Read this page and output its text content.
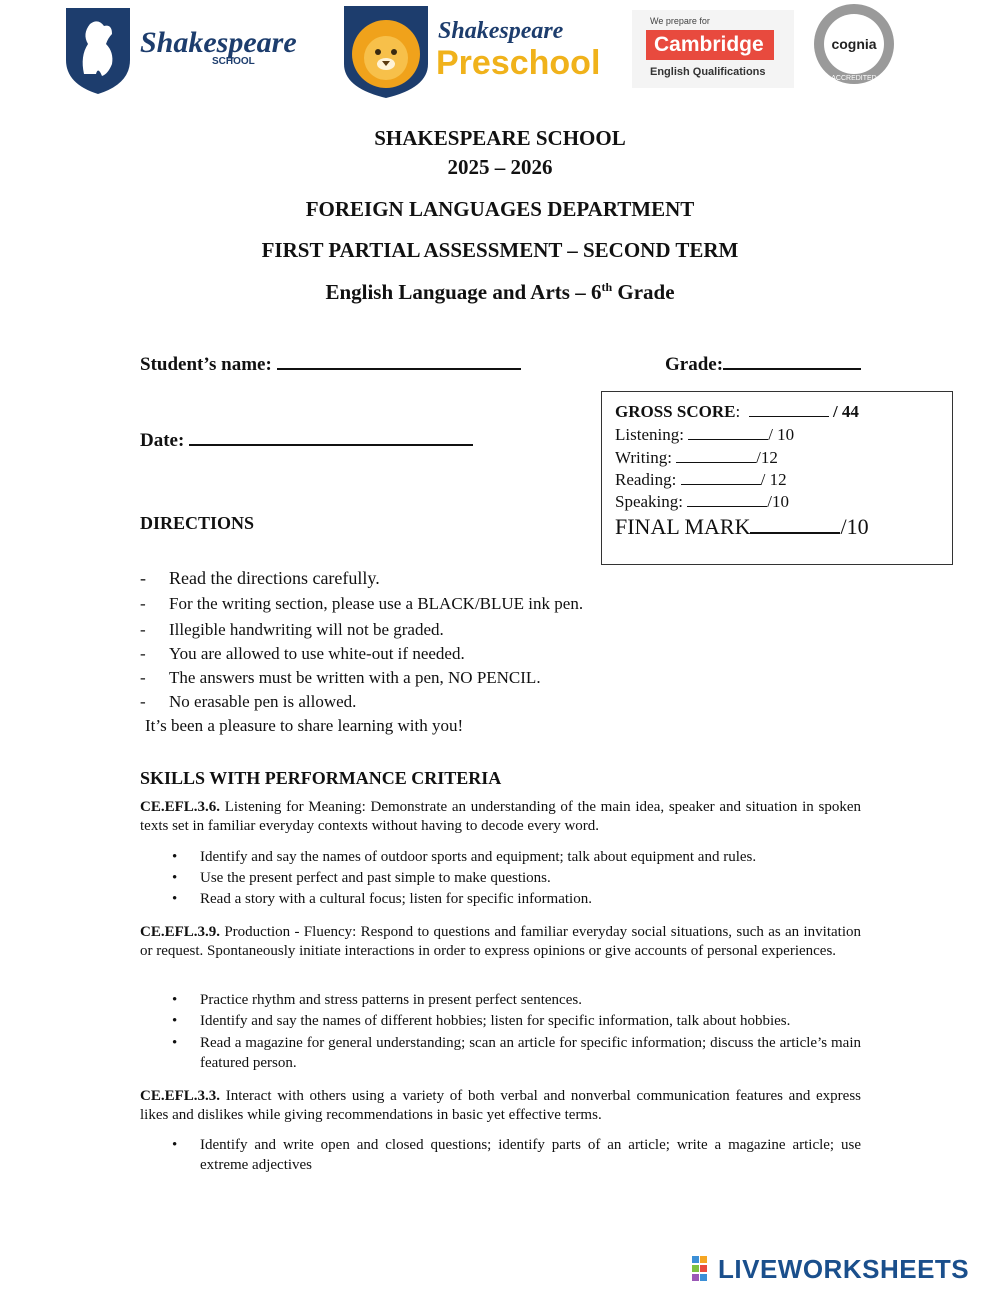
Shakespeare
SCHOOL
Shakespeare
Preschool
We prepare for
Cambridge
English Qualifications
cognia
ACCREDITED
SHAKESPEARE SCHOOL
2025 – 2026
FOREIGN LANGUAGES DEPARTMENT
FIRST PARTIAL ASSESSMENT – SECOND TERM
English Language and Arts – 6th Grade
Student’s name:	Grade:
Date:
GROSS SCORE:	/ 44
Listening:	/ 10
Writing:	/12
Reading:	/ 12
Speaking:	/10
FINAL MARK	/10
DIRECTIONS
- Read the directions carefully.
- For the writing section, please use a BLACK/BLUE ink pen.
- Illegible handwriting will not be graded.
- You are allowed to use white-out if needed.
- The answers must be written with a pen, NO PENCIL.
- No erasable pen is allowed.
It’s been a pleasure to share learning with you!
SKILLS WITH PERFORMANCE CRITERIA
CE.EFL.3.6. Listening for Meaning: Demonstrate an understanding of the main idea, speaker and situation in spoken texts set in familiar everyday contexts without having to decode every word.
• Identify and say the names of outdoor sports and equipment; talk about equipment and rules.
• Use the present perfect and past simple to make questions.
• Read a story with a cultural focus; listen for specific information.
CE.EFL.3.9. Production - Fluency: Respond to questions and familiar everyday social situations, such as an invitation or request. Spontaneously initiate interactions in order to express opinions or give accounts of personal experiences.
• Practice rhythm and stress patterns in present perfect sentences.
• Identify and say the names of different hobbies; listen for specific information, talk about hobbies.
• Read a magazine for general understanding; scan an article for specific information; discuss the article’s main featured person.
CE.EFL.3.3. Interact with others using a variety of both verbal and nonverbal communication features and express likes and dislikes while giving recommendations in basic yet effective terms.
• Identify and write open and closed questions; identify parts of an article; write a magazine article; use extreme adjectives
LIVEWORKSHEETS
